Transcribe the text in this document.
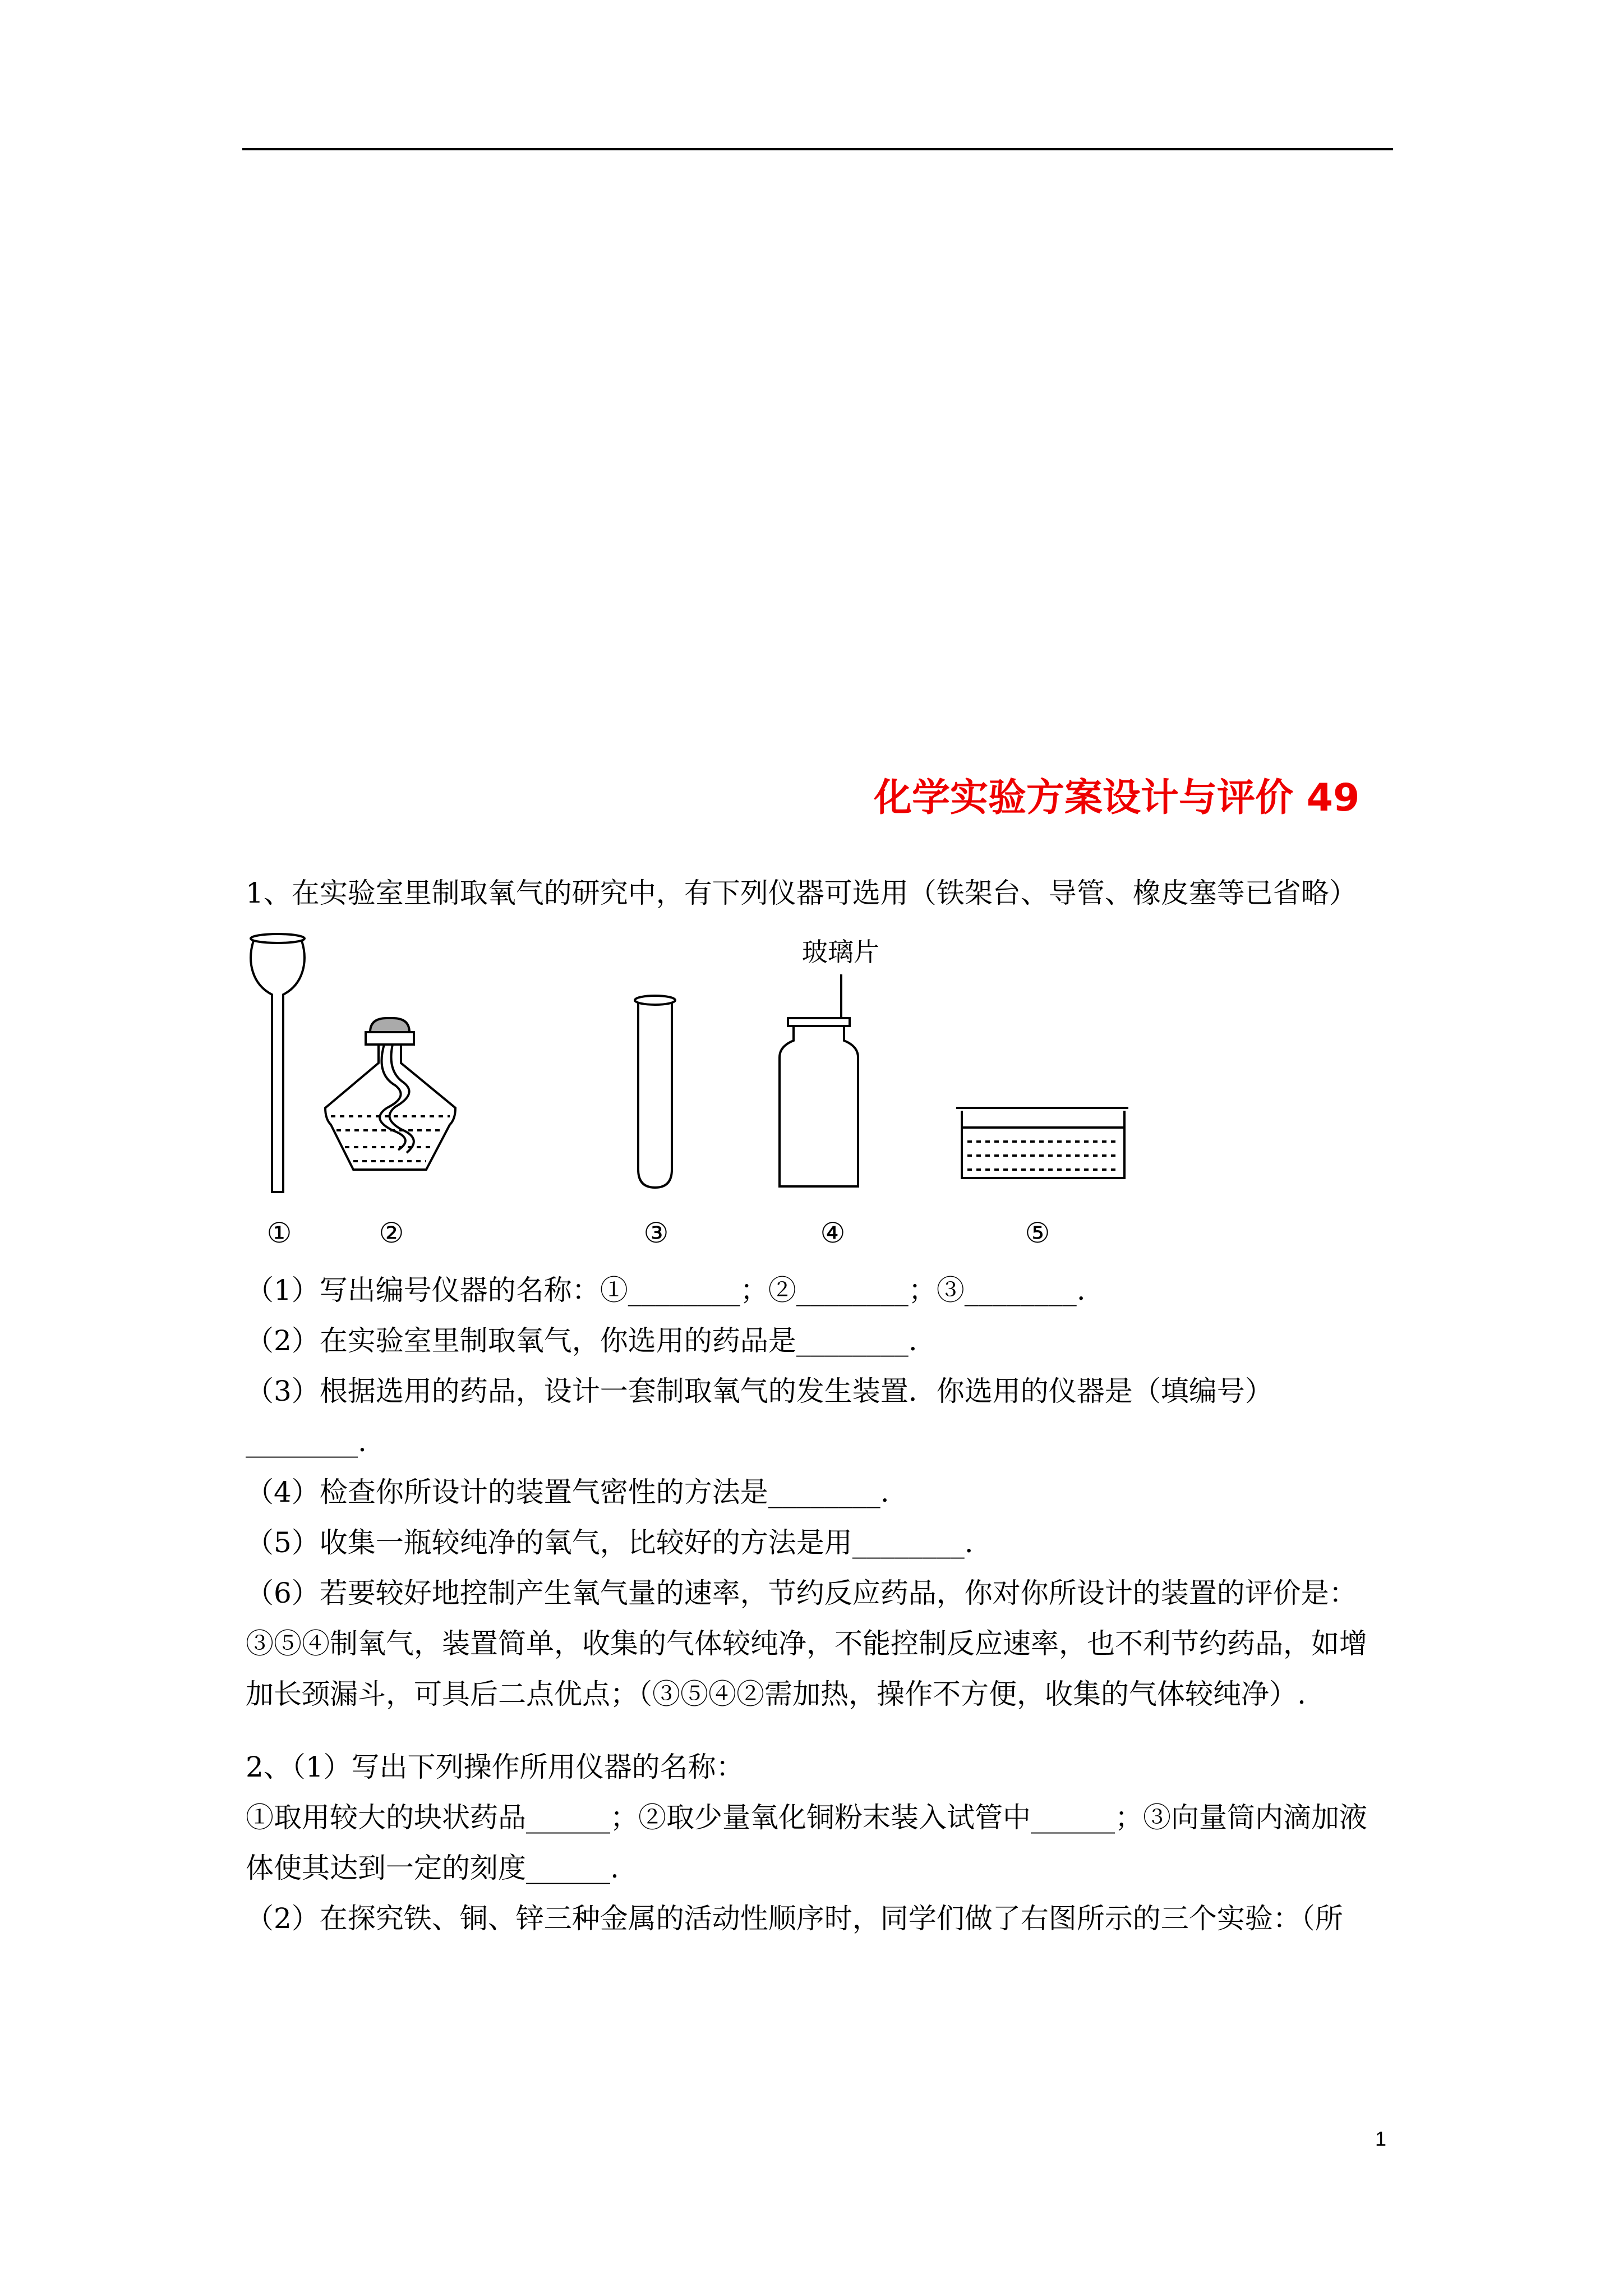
化学实验方案设计与评价 49
1、在实验室里制取氧气的研究中，有下列仪器可选用（铁架台、导管、橡皮塞等已省略）
玻璃片
①	②	③	④	⑤
（1）写出编号仪器的名称：①________；②________；③________.
（2）在实验室里制取氧气，你选用的药品是________.
（3）根据选用的药品，设计一套制取氧气的发生装置．你选用的仪器是（填编号）
________.
（4）检查你所设计的装置气密性的方法是________.
（5）收集一瓶较纯净的氧气，比较好的方法是用________.
（6）若要较好地控制产生氧气量的速率，节约反应药品，你对你所设计的装置的评价是：
③⑤④制氧气，装置简单，收集的气体较纯净，不能控制反应速率，也不利节约药品，如增
加长颈漏斗，可具后二点优点；（③⑤④②需加热，操作不方便，收集的气体较纯净）.
2、（1）写出下列操作所用仪器的名称：
①取用较大的块状药品______；②取少量氧化铜粉末装入试管中______；③向量筒内滴加液
体使其达到一定的刻度______.
（2）在探究铁、铜、锌三种金属的活动性顺序时，同学们做了右图所示的三个实验：（所
1
